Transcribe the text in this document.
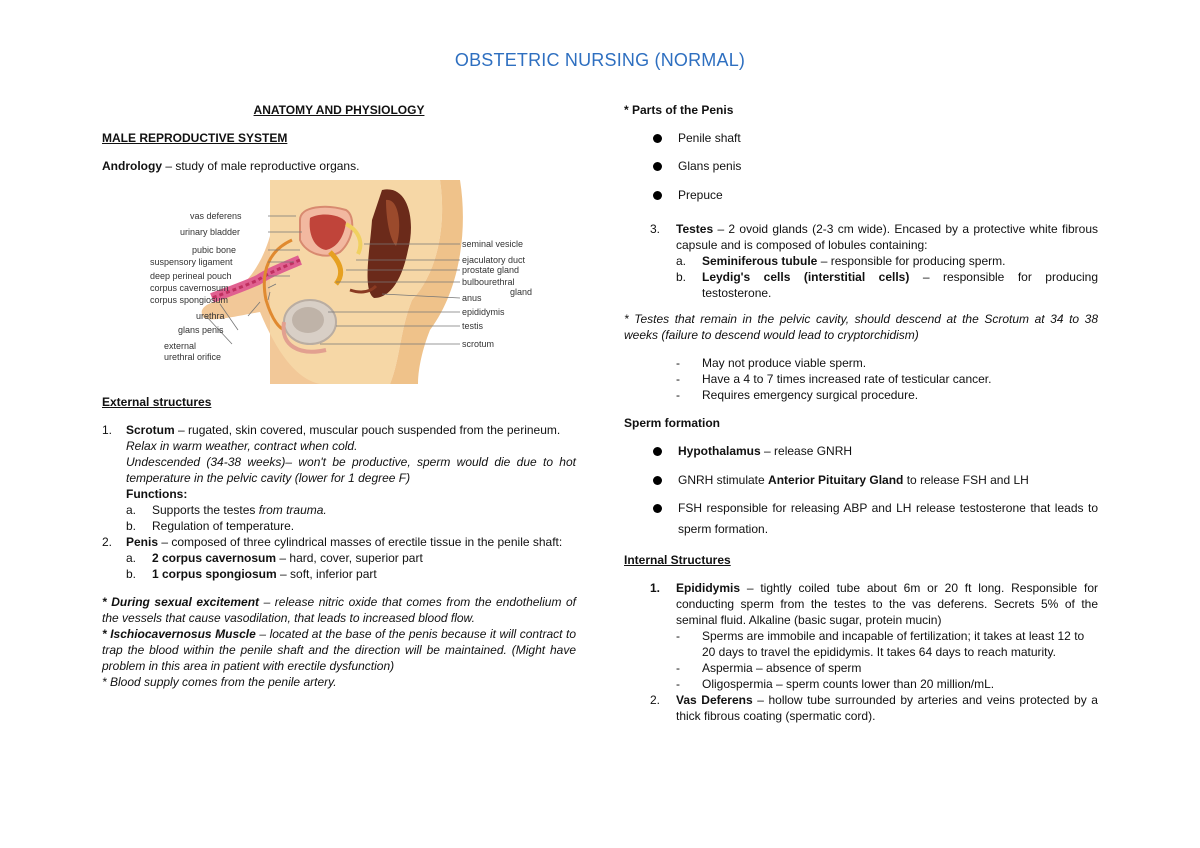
OBSTETRIC NURSING (NORMAL)
ANATOMY AND PHYSIOLOGY
MALE REPRODUCTIVE SYSTEM
Andrology – study of male reproductive organs.
vas deferens
urinary bladder
pubic bone
suspensory ligament
deep perineal pouch
corpus cavernosum
corpus spongiosum
urethra
glans penis
external
urethral orifice
seminal vesicle
ejaculatory duct
prostate gland
bulbourethral
gland
anus
epididymis
testis
scrotum
External structures
1.	Scrotum – rugated, skin covered, muscular pouch suspended from the perineum.
Relax in warm weather, contract when cold.
Undescended (34-38 weeks)– won't be productive, sperm would die due to hot temperature in the pelvic cavity (lower for 1 degree F)
Functions:
a.	Supports the testes from trauma.
b.	Regulation of temperature.
2.	Penis – composed of three cylindrical masses of erectile tissue in the penile shaft:
a.	2 corpus cavernosum – hard, cover, superior part
b.	1 corpus spongiosum – soft, inferior part
* During sexual excitement – release nitric oxide that comes from the endothelium of the vessels that cause vasodilation, that leads to increased blood flow.
* Ischiocavernosus Muscle – located at the base of the penis because it will contract to trap the blood within the penile shaft and the direction will be maintained. (Might have problem in this area in patient with erectile dysfunction)
* Blood supply comes from the penile artery.
* Parts of the Penis
Penile shaft
Glans penis
Prepuce
3.	Testes – 2 ovoid glands (2-3 cm wide). Encased by a protective white fibrous capsule and is composed of lobules containing:
a.	Seminiferous tubule – responsible for producing sperm.
b.	Leydig's cells (interstitial cells) – responsible for producing testosterone.
* Testes that remain in the pelvic cavity, should descend at the Scrotum at 34 to 38 weeks (failure to descend would lead to cryptorchidism)
-	May not produce viable sperm.
-	Have a 4 to 7 times increased rate of testicular cancer.
-	Requires emergency surgical procedure.
Sperm formation
Hypothalamus – release GNRH
GNRH stimulate Anterior Pituitary Gland to release FSH and LH
FSH responsible for releasing ABP and LH release testosterone that leads to sperm formation.
Internal Structures
1.	Epididymis – tightly coiled tube about 6m or 20 ft long. Responsible for conducting sperm from the testes to the vas deferens. Secrets 5% of the seminal fluid. Alkaline (basic sugar, protein mucin)
-	Sperms are immobile and incapable of fertilization; it takes at least 12 to 20 days to travel the epididymis. It takes 64 days to reach maturity.
-	Aspermia – absence of sperm
-	Oligospermia – sperm counts lower than 20 million/mL.
2.	Vas Deferens – hollow tube surrounded by arteries and veins protected by a thick fibrous coating (spermatic cord).
